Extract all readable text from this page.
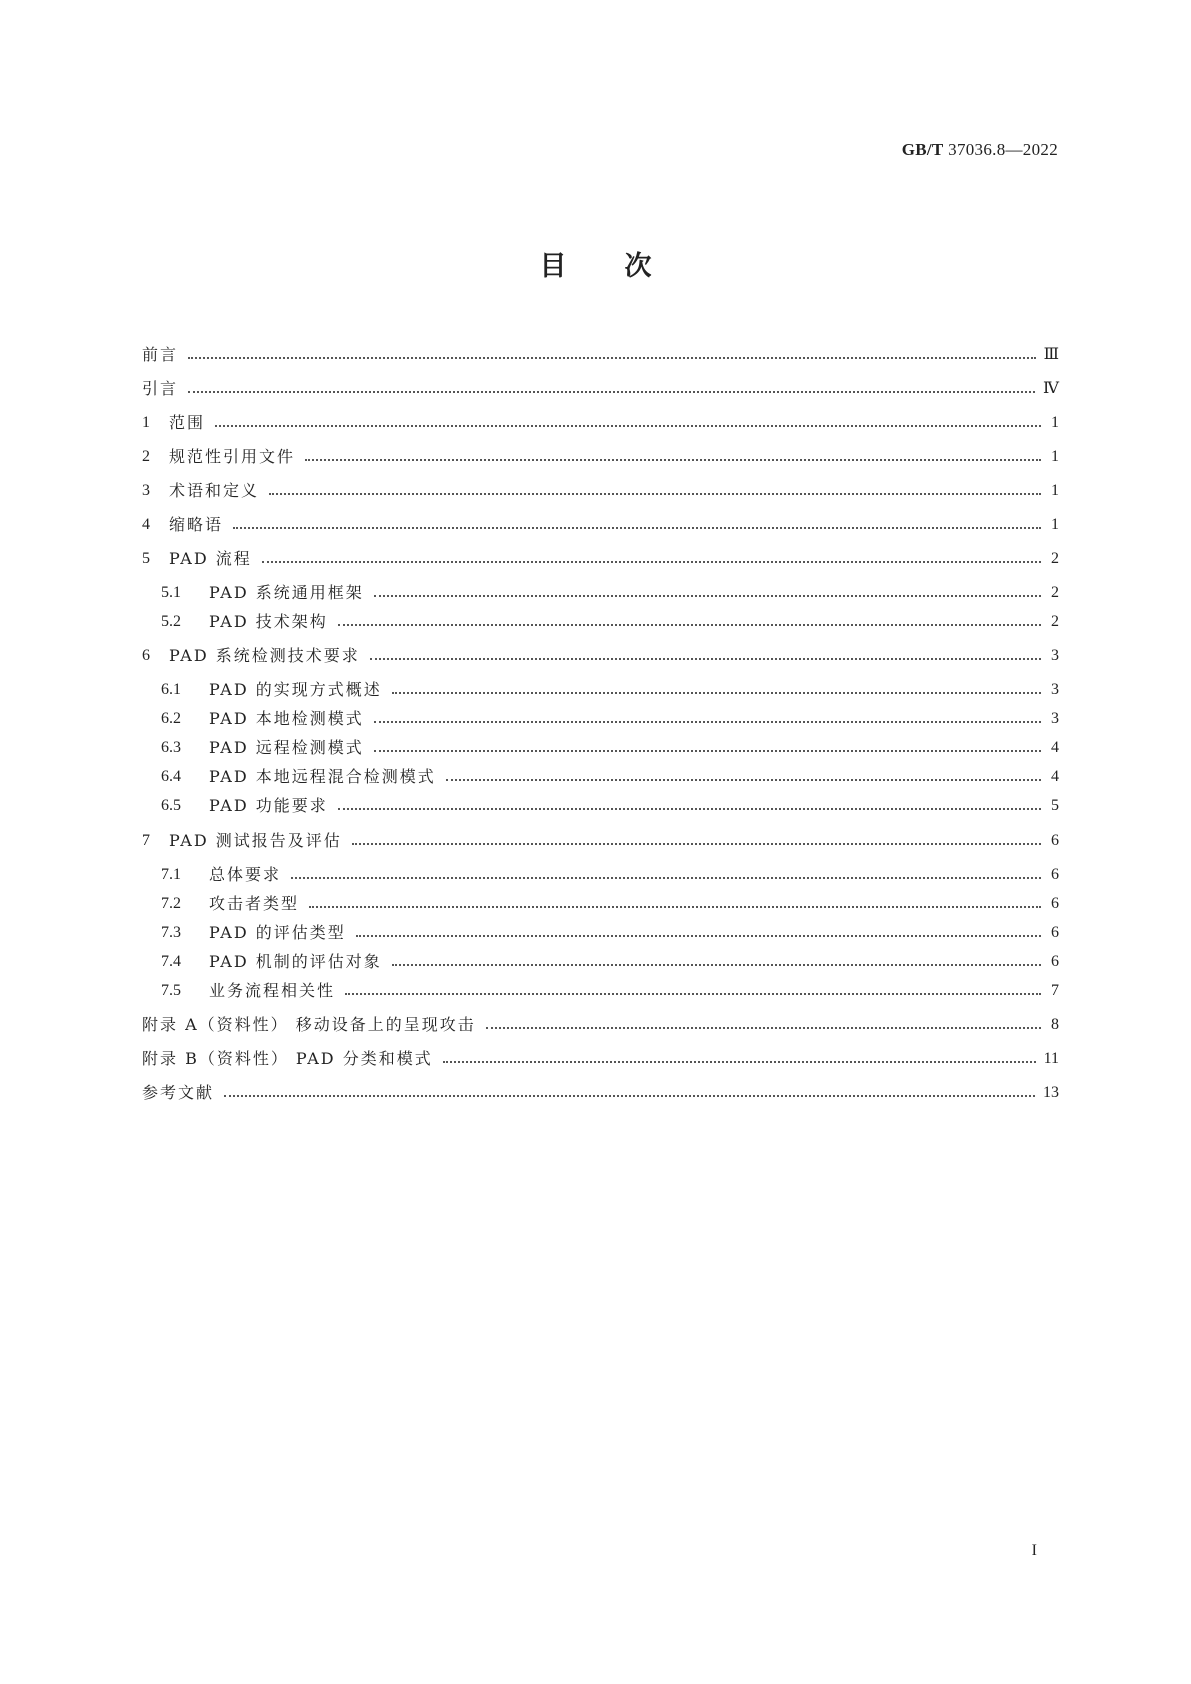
GB/T 37036.8—2022
目次
前言	Ⅲ
引言	Ⅳ
1	范围	1
2	规范性引用文件	1
3	术语和定义	1
4	缩略语	1
5	PAD 流程	2
5.1	PAD 系统通用框架	2
5.2	PAD 技术架构	2
6	PAD 系统检测技术要求	3
6.1	PAD 的实现方式概述	3
6.2	PAD 本地检测模式	3
6.3	PAD 远程检测模式	4
6.4	PAD 本地远程混合检测模式	4
6.5	PAD 功能要求	5
7	PAD 测试报告及评估	6
7.1	总体要求	6
7.2	攻击者类型	6
7.3	PAD 的评估类型	6
7.4	PAD 机制的评估对象	6
7.5	业务流程相关性	7
附录 A（资料性） 移动设备上的呈现攻击	8
附录 B（资料性） PAD 分类和模式	11
参考文献	13
I
